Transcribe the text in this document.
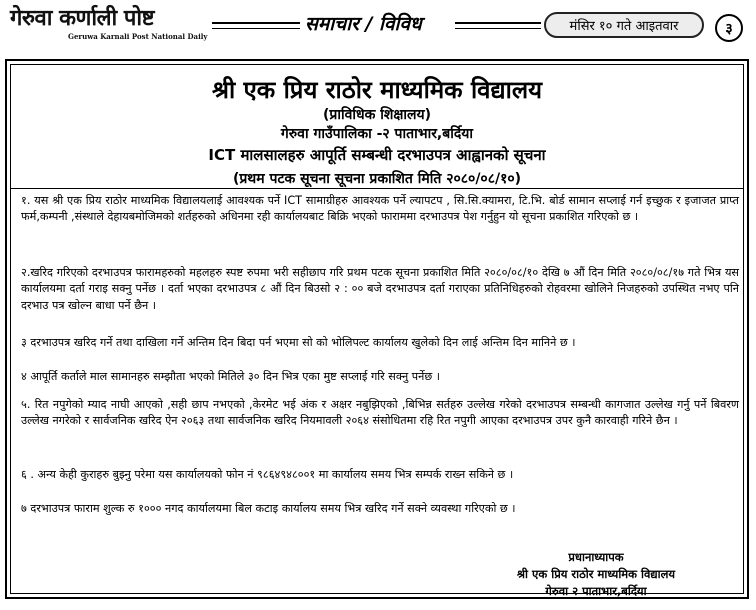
गेरुवा कर्णाली पोष्ट
Geruwa Karnali Post National Daily
समाचार / विविध	मंसिर १० गते आइतवार	३
श्री एक प्रिय राठोर माध्यमिक विद्यालय
(प्राविधिक शिक्षालय)
गेरुवा गाउँपालिका -२ पाताभार,बर्दिया
ICT मालसालहरु आपूर्ति सम्बन्धी दरभाउपत्र आह्वानको सूचना
(प्रथम पटक सूचना सूचना प्रकाशित मिति २०८०/०८/१०)
१. यस श्री एक प्रिय राठोर माध्यमिक विद्यालयलाई आवश्यक पर्ने ICT सामाग्रीहरु आवश्यक पर्ने ल्यापटप , सि.सि.क्यामरा, टि.भि. बोर्ड सामान सप्लाई गर्न इच्छुक र इजाजत प्राप्त फर्म,कम्पनी ,संस्थाले देहायबमोजिमको शर्तहरुको अधिनमा रही कार्यालयबाट बिक्रि भएको फाराममा दरभाउपत्र पेश गर्नुहुन यो सूचना प्रकाशित गरिएको छ ।
२.खरिद गरिएको दरभाउपत्र फारामहरुको महलहरु स्पष्ट रुपमा भरी सहीछाप गरि प्रथम पटक सूचना प्रकाशित मिति २०८०/०८/१० देखि ७ औं दिन मिति २०८०/०८/१७ गते भित्र यस कार्यालयमा दर्ता गराइ सक्नु पर्नेछ । दर्ता भएका दरभाउपत्र ८ औं दिन बिउसो २ : ०० बजे दरभाउपत्र दर्ता गराएका प्रतिनिधिहरुको रोहवरमा खोलिने निजहरुको उपस्थित नभए पनि दरभाउ पत्र खोल्न बाधा पर्ने छैन ।
३ दरभाउपत्र खरिद गर्ने तथा दाखिला गर्ने अन्तिम दिन बिदा पर्न भएमा सो को भोलिपल्ट कार्यालय खुलेको दिन लाई अन्तिम दिन मानिने छ ।
४ आपूर्ति कर्ताले माल सामानहरु सम्झौता भएको मितिले ३० दिन भित्र एका मुष्ट सप्लाई गरि सक्नु पर्नेछ ।
५. रित नपुगेको म्याद नाघी आएको ,सही छाप नभएको ,केरमेट भई अंक र अक्षर नबुझिएको ,बिभिन्न सर्तहरु उल्लेख गरेको दरभाउपत्र सम्बन्धी कागजात उल्लेख गर्नु पर्ने बिवरण उल्लेख नगरेको र सार्वजनिक खरिद ऐन २०६३ तथा सार्वजनिक खरिद नियमावली २०६४ संसोधितमा रहि रित नपुगी आएका दरभाउपत्र उपर कुनै कारवाही गरिने छैन ।
६ . अन्य केही कुराहरु बुझ्नु परेमा यस कार्यालयको फोन नं ९८६४९४८००१ मा कार्यालय समय भित्र सम्पर्क राख्न सकिने छ ।
७ दरभाउपत्र फाराम शुल्क रु १००० नगद कार्यालयमा बिल कटाइ कार्यालय समय भित्र खरिद गर्ने सक्ने व्यवस्था गरिएको छ ।
प्रधानाध्यापक
श्री एक प्रिय राठोर माध्यमिक विद्यालय
गेरुवा २ पाताभार,बर्दिया
